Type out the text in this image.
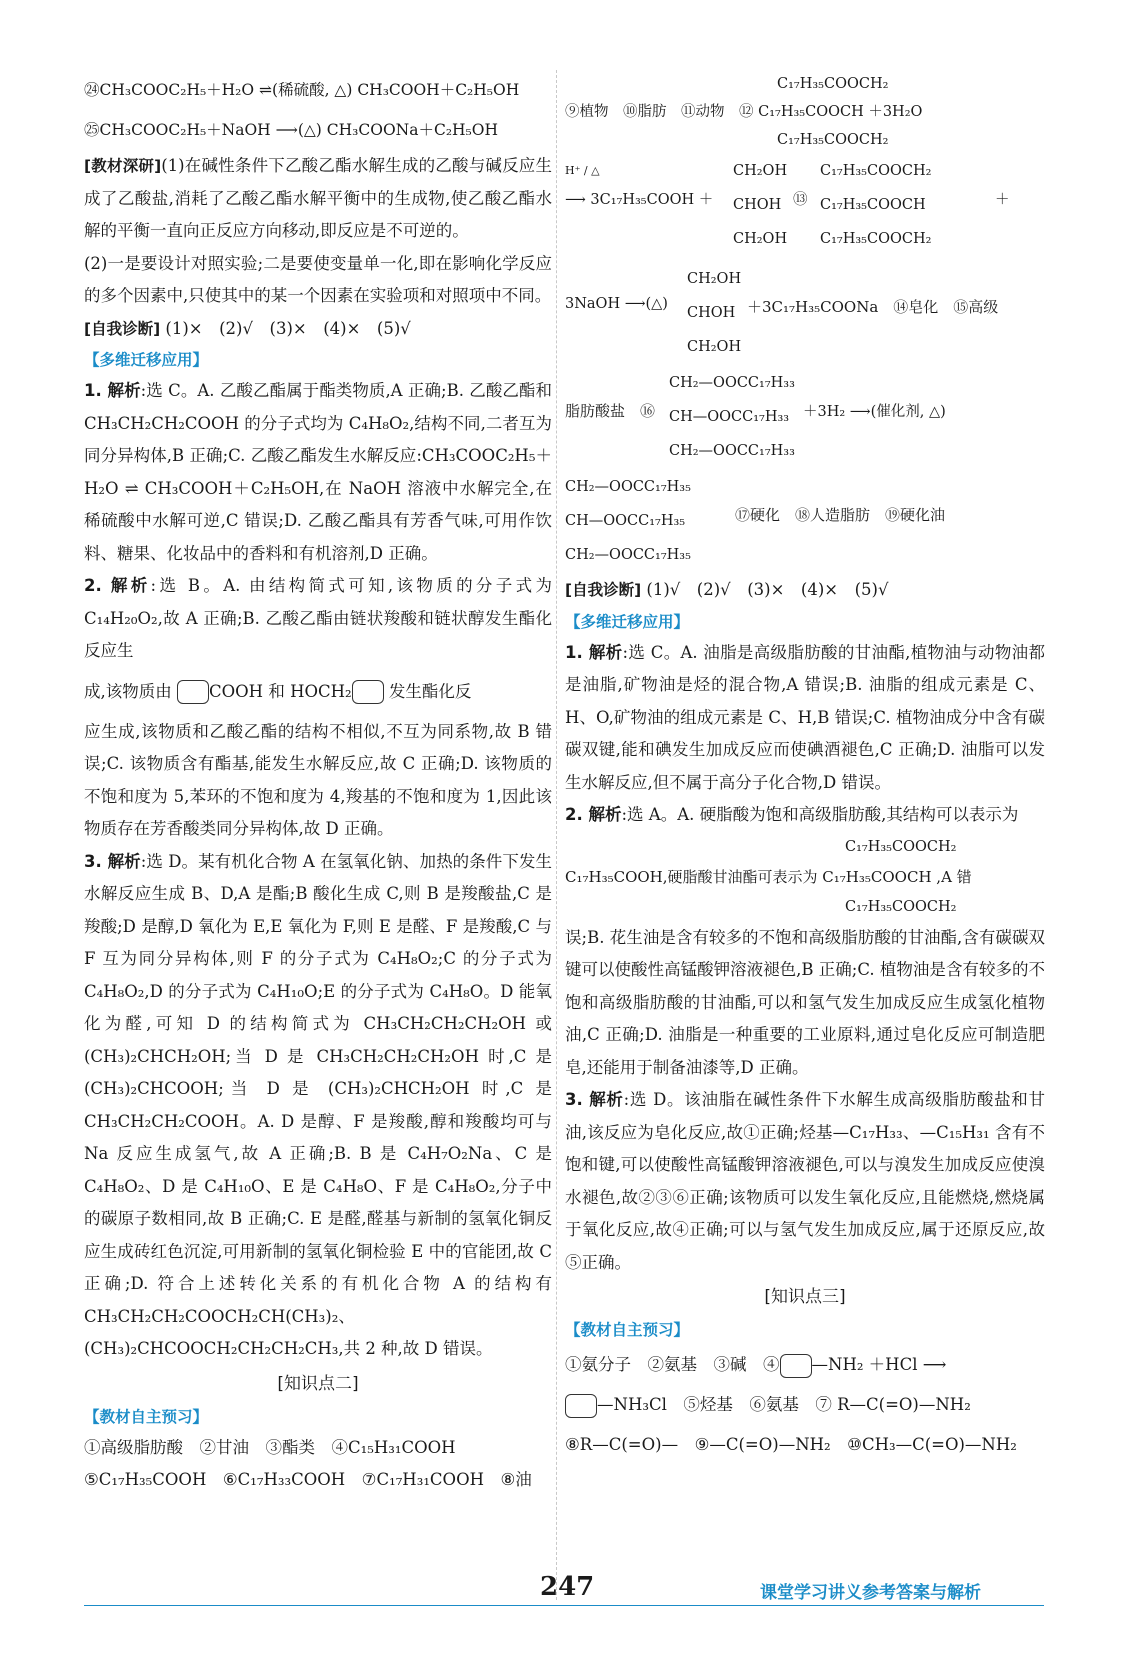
㉔CH₃COOC₂H₅＋H₂O ⇌(稀硫酸, △) CH₃COOH＋C₂H₅OH

㉕CH₃COOC₂H₅＋NaOH ⟶(△) CH₃COONa＋C₂H₅OH

[教材深研](1)在碱性条件下乙酸乙酯水解生成的乙酸与碱反应生成了乙酸盐,消耗了乙酸乙酯水解平衡中的生成物,使乙酸乙酯水解的平衡一直向正反应方向移动,即反应是不可逆的。

(2)一是要设计对照实验;二是要使变量单一化,即在影响化学反应的多个因素中,只使其中的某一个因素在实验项和对照项中不同。

[自我诊断] (1)×　(2)√　(3)×　(4)×　(5)√

【多维迁移应用】

1. 解析:选 C。A. 乙酸乙酯属于酯类物质,A 正确;B. 乙酸乙酯和 CH₃CH₂CH₂COOH 的分子式均为 C₄H₈O₂,结构不同,二者互为同分异构体,B 正确;C. 乙酸乙酯发生水解反应:CH₃COOC₂H₅＋H₂O ⇌ CH₃COOH＋C₂H₅OH,在 NaOH 溶液中水解完全,在稀硫酸中水解可逆,C 错误;D. 乙酸乙酯具有芳香气味,可用作饮料、糖果、化妆品中的香料和有机溶剂,D 正确。

2. 解析:选 B。A. 由结构简式可知,该物质的分子式为 C₁₄H₂₀O₂,故 A 正确;B. 乙酸乙酯由链状羧酸和链状醇发生酯化反应生

成,该物质由 COOH 和 HOCH₂ 发生酯化反

应生成,该物质和乙酸乙酯的结构不相似,不互为同系物,故 B 错误;C. 该物质含有酯基,能发生水解反应,故 C 正确;D. 该物质的不饱和度为 5,苯环的不饱和度为 4,羧基的不饱和度为 1,因此该物质存在芳香酸类同分异构体,故 D 正确。

3. 解析:选 D。某有机化合物 A 在氢氧化钠、加热的条件下发生水解反应生成 B、D,A 是酯;B 酸化生成 C,则 B 是羧酸盐,C 是羧酸;D 是醇,D 氧化为 E,E 氧化为 F,则 E 是醛、F 是羧酸,C 与 F 互为同分异构体,则 F 的分子式为 C₄H₈O₂;C 的分子式为 C₄H₈O₂,D 的分子式为 C₄H₁₀O;E 的分子式为 C₄H₈O。D 能氧化为醛,可知 D 的结构简式为 CH₃CH₂CH₂CH₂OH 或 (CH₃)₂CHCH₂OH;当 D 是 CH₃CH₂CH₂CH₂OH 时,C 是 (CH₃)₂CHCOOH;当 D 是 (CH₃)₂CHCH₂OH 时,C 是 CH₃CH₂CH₂COOH。A. D 是醇、F 是羧酸,醇和羧酸均可与 Na 反应生成氢气,故 A 正确;B. B 是 C₄H₇O₂Na、C 是 C₄H₈O₂、D 是 C₄H₁₀O、E 是 C₄H₈O、F 是 C₄H₈O₂,分子中的碳原子数相同,故 B 正确;C. E 是醛,醛基与新制的氢氧化铜反应生成砖红色沉淀,可用新制的氢氧化铜检验 E 中的官能团,故 C 正确;D. 符合上述转化关系的有机化合物 A 的结构有 CH₃CH₂CH₂COOCH₂CH(CH₃)₂、

(CH₃)₂CHCOOCH₂CH₂CH₂CH₃,共 2 种,故 D 错误。

[知识点二]
【教材自主预习】

①高级脂肪酸　②甘油　③酯类　④C₁₅H₃₁COOH

⑤C₁₇H₃₅COOH　⑥C₁₇H₃₃COOH　⑦C₁₇H₃₁COOH　⑧油

C₁₇H₃₅COOCH₂
⑨植物　⑩脂肪　⑪动物　⑫ C₁₇H₃₅COOCH ＋3H₂O
C₁₇H₃₅COOCH₂
H⁺ / △
⟶ 3C₁₇H₃₅COOH ＋
CH₂OH
CHOH
CH₂OH
⑬
C₁₇H₃₅COOCH₂
C₁₇H₃₅COOCH
C₁₇H₃₅COOCH₂
＋
3NaOH ⟶(△)
CH₂OH
CHOH
CH₂OH
＋3C₁₇H₃₅COONa　⑭皂化　⑮高级
脂肪酸盐　⑯
CH₂—OOCC₁₇H₃₃
CH—OOCC₁₇H₃₃
CH₂—OOCC₁₇H₃₃
＋3H₂ ⟶(催化剂, △)
CH₂—OOCC₁₇H₃₅
CH—OOCC₁₇H₃₅
CH₂—OOCC₁₇H₃₅
⑰硬化　⑱人造脂肪　⑲硬化油

[自我诊断] (1)√　(2)√　(3)×　(4)×　(5)√

【多维迁移应用】

1. 解析:选 C。A. 油脂是高级脂肪酸的甘油酯,植物油与动物油都是油脂,矿物油是烃的混合物,A 错误;B. 油脂的组成元素是 C、H、O,矿物油的组成元素是 C、H,B 错误;C. 植物油成分中含有碳碳双键,能和碘发生加成反应而使碘酒褪色,C 正确;D. 油脂可以发生水解反应,但不属于高分子化合物,D 错误。

2. 解析:选 A。A. 硬脂酸为饱和高级脂肪酸,其结构可以表示为

C₁₇H₃₅COOCH₂
C₁₇H₃₅COOH,硬脂酸甘油酯可表示为 C₁₇H₃₅COOCH ,A 错
C₁₇H₃₅COOCH₂

误;B. 花生油是含有较多的不饱和高级脂肪酸的甘油酯,含有碳碳双键可以使酸性高锰酸钾溶液褪色,B 正确;C. 植物油是含有较多的不饱和高级脂肪酸的甘油酯,可以和氢气发生加成反应生成氢化植物油,C 正确;D. 油脂是一种重要的工业原料,通过皂化反应可制造肥皂,还能用于制备油漆等,D 正确。

3. 解析:选 D。该油脂在碱性条件下水解生成高级脂肪酸盐和甘油,该反应为皂化反应,故①正确;烃基—C₁₇H₃₃、—C₁₅H₃₁ 含有不饱和键,可以使酸性高锰酸钾溶液褪色,可以与溴发生加成反应使溴水褪色,故②③⑥正确;该物质可以发生氧化反应,且能燃烧,燃烧属于氧化反应,故④正确;可以与氢气发生加成反应,属于还原反应,故⑤正确。

[知识点三]
【教材自主预习】

①氨分子　②氨基　③碱　④ —NH₂ ＋HCl ⟶

—NH₃Cl　⑤烃基　⑥氨基　⑦ R—C(=O)—NH₂

⑧R—C(=O)—　⑨—C(=O)—NH₂　⑩CH₃—C(=O)—NH₂

247	课堂学习讲义参考答案与解析
